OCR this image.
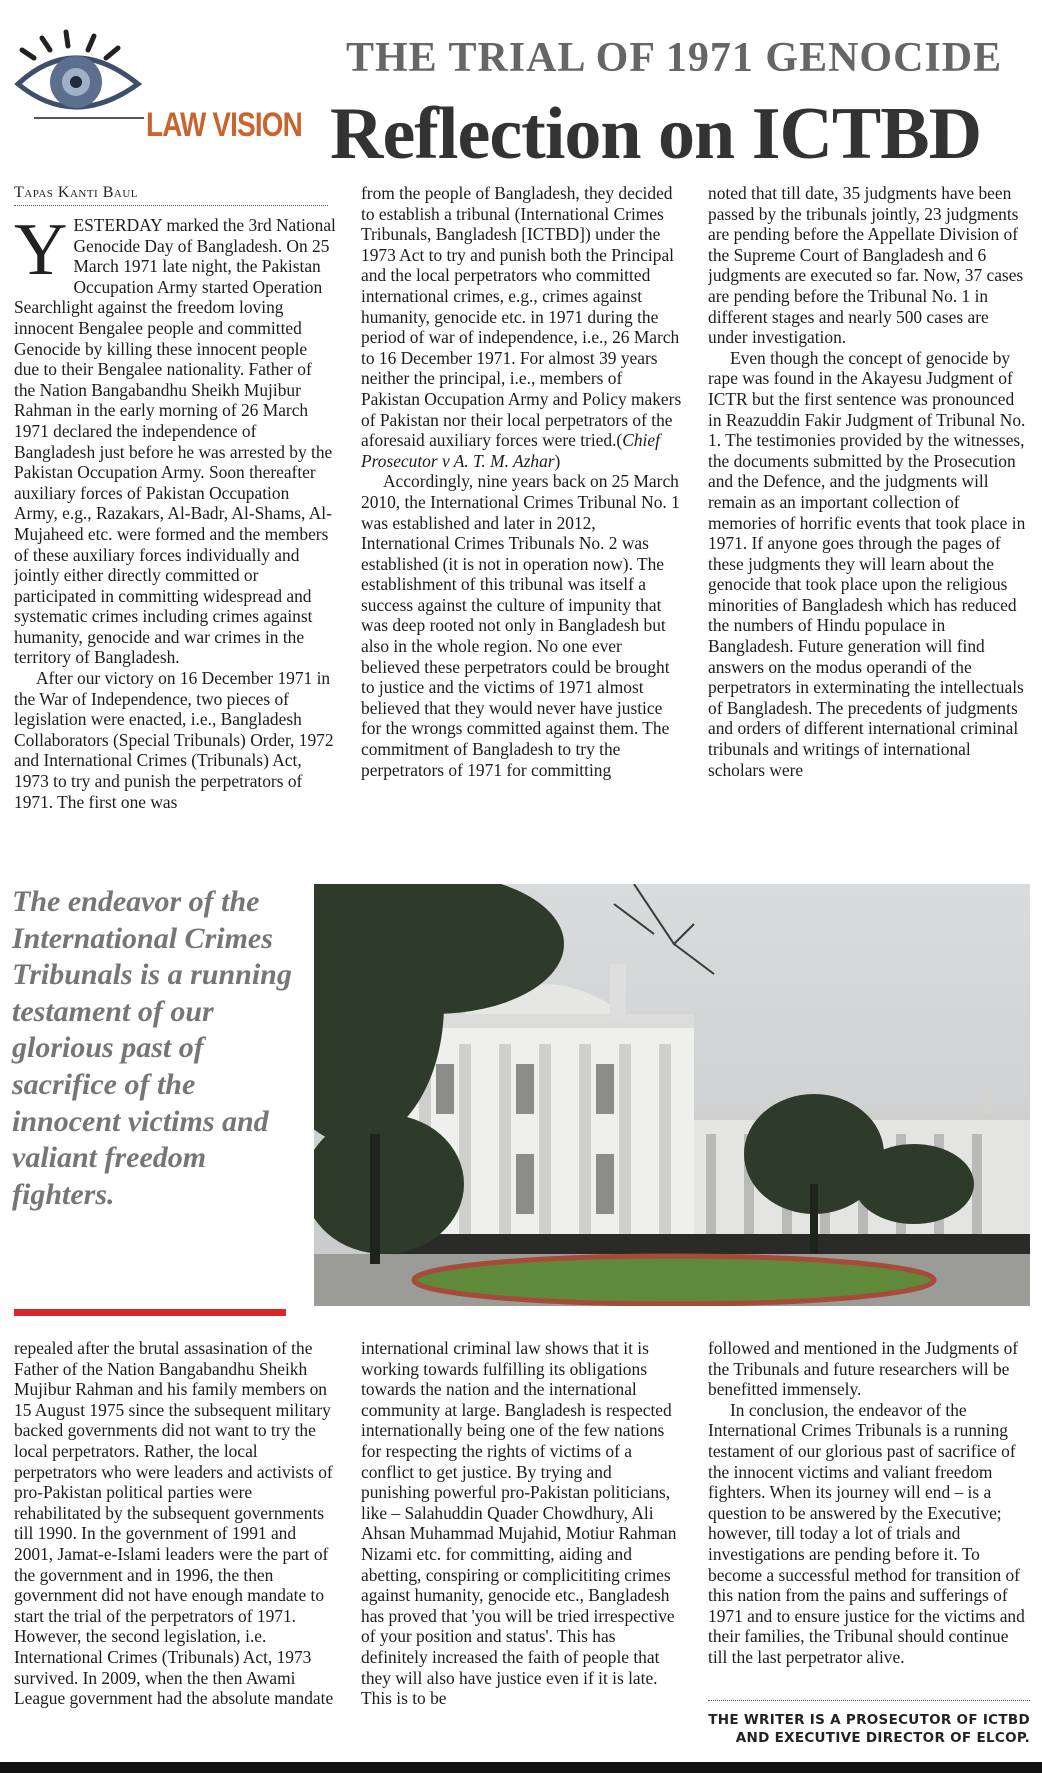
LAW VISION
THE TRIAL OF 1971 GENOCIDE
Reflection on ICTBD
Tapas Kanti Baul

YESTERDAY marked the 3rd National Genocide Day of Bangladesh. On 25 March 1971 late night, the Pakistan Occupation Army started Operation Searchlight against the freedom loving innocent Bengalee people and committed Genocide by killing these innocent people due to their Bengalee nationality. Father of the Nation Bangabandhu Sheikh Mujibur Rahman in the early morning of 26 March 1971 declared the independence of Bangladesh just before he was arrested by the Pakistan Occupation Army. Soon thereafter auxiliary forces of Pakistan Occupation Army, e.g., Razakars, Al-Badr, Al-Shams, Al-Mujaheed etc. were formed and the members of these auxiliary forces individually and jointly either directly committed or participated in committing widespread and systematic crimes including crimes against humanity, genocide and war crimes in the territory of Bangladesh.

After our victory on 16 December 1971 in the War of Independence, two pieces of legislation were enacted, i.e., Bangladesh Collaborators (Special Tribunals) Order, 1972 and International Crimes (Tribunals) Act, 1973 to try and punish the perpetrators of 1971. The first one was

from the people of Bangladesh, they decided to establish a tribunal (International Crimes Tribunals, Bangladesh [ICTBD]) under the 1973 Act to try and punish both the Principal and the local perpetrators who committed international crimes, e.g., crimes against humanity, genocide etc. in 1971 during the period of war of independence, i.e., 26 March to 16 December 1971. For almost 39 years neither the principal, i.e., members of Pakistan Occupation Army and Policy makers of Pakistan nor their local perpetrators of the aforesaid auxiliary forces were tried.(Chief Prosecutor v A. T. M. Azhar)

Accordingly, nine years back on 25 March 2010, the International Crimes Tribunal No. 1 was established and later in 2012, International Crimes Tribunals No. 2 was established (it is not in operation now). The establishment of this tribunal was itself a success against the culture of impunity that was deep rooted not only in Bangladesh but also in the whole region. No one ever believed these perpetrators could be brought to justice and the victims of 1971 almost believed that they would never have justice for the wrongs committed against them. The commitment of Bangladesh to try the perpetrators of 1971 for committing

noted that till date, 35 judgments have been passed by the tribunals jointly, 23 judgments are pending before the Appellate Division of the Supreme Court of Bangladesh and 6 judgments are executed so far. Now, 37 cases are pending before the Tribunal No. 1 in different stages and nearly 500 cases are under investigation.

Even though the concept of genocide by rape was found in the Akayesu Judgment of ICTR but the first sentence was pronounced in Reazuddin Fakir Judgment of Tribunal No. 1. The testimonies provided by the witnesses, the documents submitted by the Prosecution and the Defence, and the judgments will remain as an important collection of memories of horrific events that took place in 1971. If anyone goes through the pages of these judgments they will learn about the genocide that took place upon the religious minorities of Bangladesh which has reduced the numbers of Hindu populace in Bangladesh. Future generation will find answers on the modus operandi of the perpetrators in exterminating the intellectuals of Bangladesh. The precedents of judgments and orders of different international criminal tribunals and writings of international scholars were

The endeavor of the International Crimes Tribunals is a running testament of our glorious past of sacrifice of the innocent victims and valiant freedom fighters.

repealed after the brutal assasination of the Father of the Nation Bangabandhu Sheikh Mujibur Rahman and his family members on 15 August 1975 since the subsequent military backed governments did not want to try the local perpetrators. Rather, the local perpetrators who were leaders and activists of pro-Pakistan political parties were rehabilitated by the subsequent governments till 1990. In the government of 1991 and 2001, Jamat-e-Islami leaders were the part of the government and in 1996, the then government did not have enough mandate to start the trial of the perpetrators of 1971. However, the second legislation, i.e. International Crimes (Tribunals) Act, 1973 survived. In 2009, when the then Awami League government had the absolute mandate

international criminal law shows that it is working towards fulfilling its obligations towards the nation and the international community at large. Bangladesh is respected internationally being one of the few nations for respecting the rights of victims of a conflict to get justice. By trying and punishing powerful pro-Pakistan politicians, like – Salahuddin Quader Chowdhury, Ali Ahsan Muhammad Mujahid, Motiur Rahman Nizami etc. for committing, aiding and abetting, conspiring or complicititing crimes against humanity, genocide etc., Bangladesh has proved that 'you will be tried irrespective of your position and status'. This has definitely increased the faith of people that they will also have justice even if it is late. This is to be

followed and mentioned in the Judgments of the Tribunals and future researchers will be benefitted immensely.

In conclusion, the endeavor of the International Crimes Tribunals is a running testament of our glorious past of sacrifice of the innocent victims and valiant freedom fighters. When its journey will end – is a question to be answered by the Executive; however, till today a lot of trials and investigations are pending before it. To become a successful method for transition of this nation from the pains and sufferings of 1971 and to ensure justice for the victims and their families, the Tribunal should continue till the last perpetrator alive.

THE WRITER IS A PROSECUTOR OF ICTBD AND EXECUTIVE DIRECTOR OF ELCOP.
